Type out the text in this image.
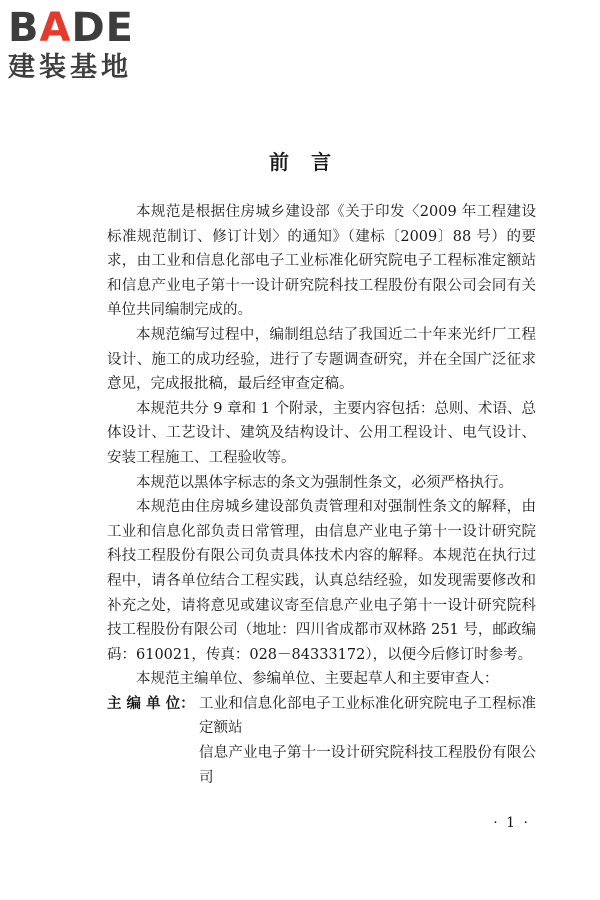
BADE
建装基地
前言

本规范是根据住房城乡建设部《关于印发〈2009 年工程建设标准规范制订、修订计划〉的通知》（建标〔2009〕88 号）的要求，由工业和信息化部电子工业标准化研究院电子工程标准定额站和信息产业电子第十一设计研究院科技工程股份有限公司会同有关单位共同编制完成的。

本规范编写过程中，编制组总结了我国近二十年来光纤厂工程设计、施工的成功经验，进行了专题调查研究，并在全国广泛征求意见，完成报批稿，最后经审查定稿。

本规范共分 9 章和 1 个附录，主要内容包括：总则、术语、总体设计、工艺设计、建筑及结构设计、公用工程设计、电气设计、安装工程施工、工程验收等。

本规范以黑体字标志的条文为强制性条文，必须严格执行。

本规范由住房城乡建设部负责管理和对强制性条文的解释，由工业和信息化部负责日常管理，由信息产业电子第十一设计研究院科技工程股份有限公司负责具体技术内容的解释。本规范在执行过程中，请各单位结合工程实践，认真总结经验，如发现需要修改和补充之处，请将意见或建议寄至信息产业电子第十一设计研究院科技工程股份有限公司（地址：四川省成都市双林路 251 号，邮政编码：610021，传真：028－84333172），以便今后修订时参考。

本规范主编单位、参编单位、主要起草人和主要审查人：

主 编 单 位： 工业和信息化部电子工业标准化研究院电子工程标准定额站
信息产业电子第十一设计研究院科技工程股份有限公司
· 1 ·
